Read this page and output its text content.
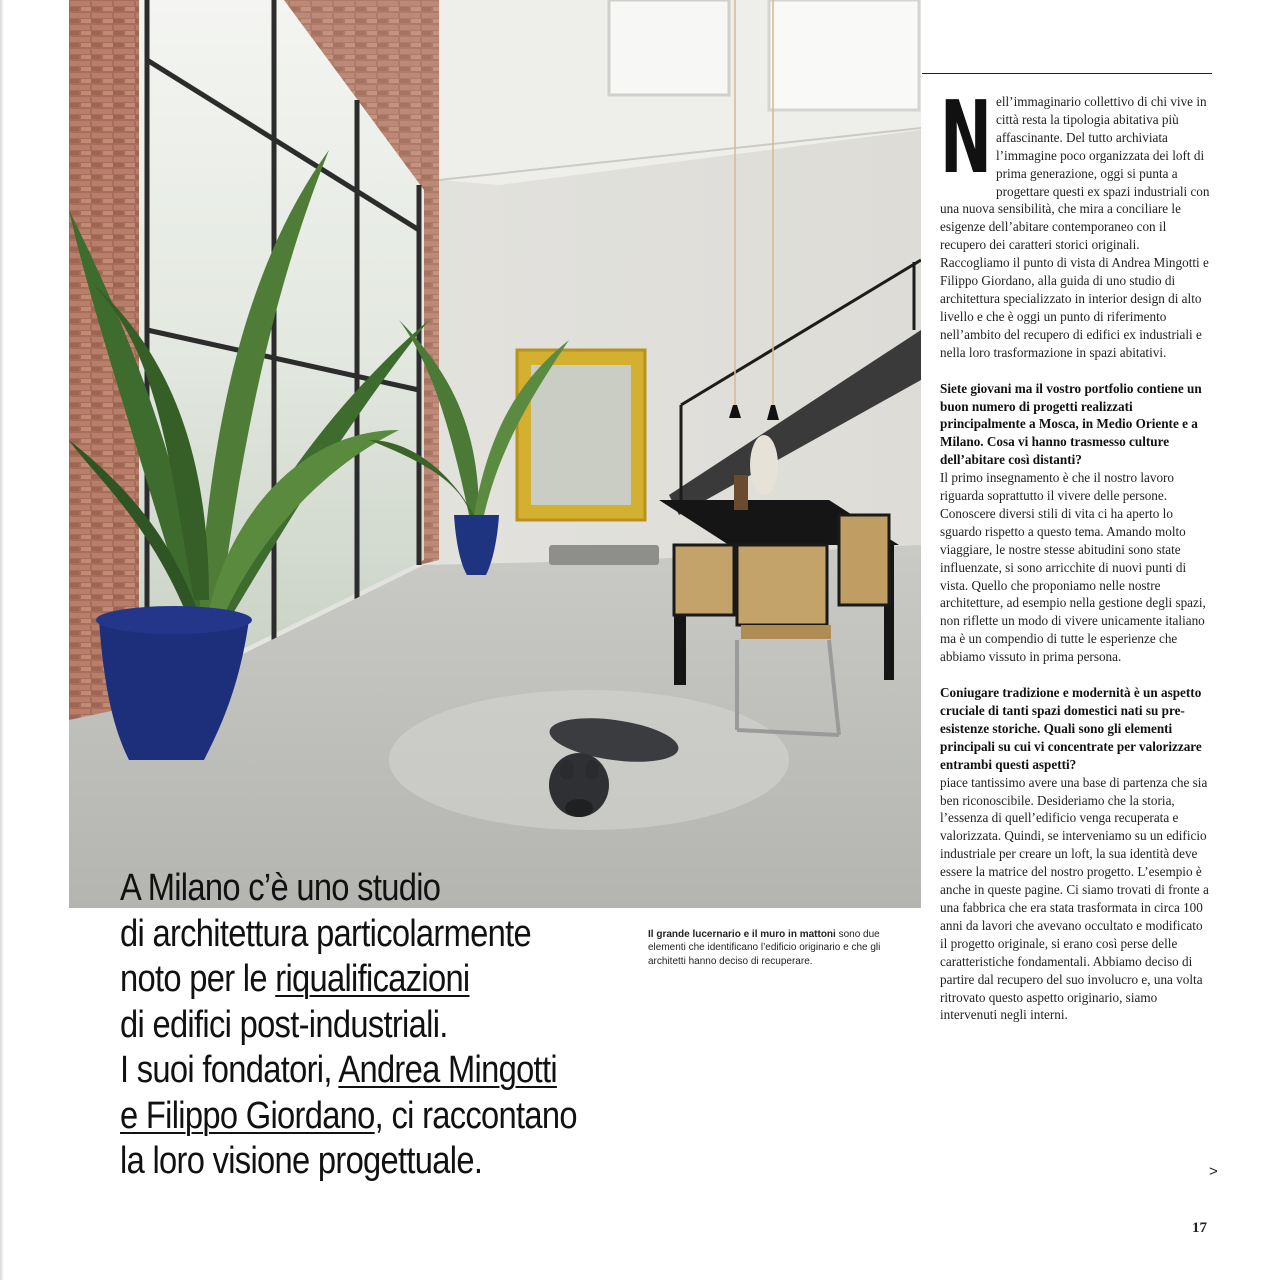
A Milano c’è uno studio
di architettura particolarmente
noto per le riqualificazioni
di edifici post-industriali.
I suoi fondatori, Andrea Mingotti
e Filippo Giordano, ci raccontano
la loro visione progettuale.
Il grande lucernario e il muro in mattoni sono due elementi che identificano l’edificio originario e che gli architetti hanno deciso di recuperare.
N ell’immaginario collettivo di chi vive in città resta la tipologia abitativa più affascinante. Del tutto archiviata l’immagine poco organizzata dei loft di prima generazione, oggi si punta a progettare questi ex spazi industriali con una nuova sensibilità, che mira a conciliare le esigenze dell’abitare contemporaneo con il recupero dei caratteri storici originali. Raccogliamo il punto di vista di Andrea Mingotti e Filippo Giordano, alla guida di uno studio di architettura specializzato in interior design di alto livello e che è oggi un punto di riferimento nell’ambito del recupero di edifici ex industriali e nella loro trasformazione in spazi abitativi.

Siete giovani ma il vostro portfolio contiene un buon numero di progetti realizzati principalmente a Mosca, in Medio Oriente e a Milano. Cosa vi hanno trasmesso culture dell’abitare così distanti?

Il primo insegnamento è che il nostro lavoro riguarda soprattutto il vivere delle persone. Conoscere diversi stili di vita ci ha aperto lo sguardo rispetto a questo tema. Amando molto viaggiare, le nostre stesse abitudini sono state influenzate, si sono arricchite di nuovi punti di vista. Quello che proponiamo nelle nostre architetture, ad esempio nella gestione degli spazi, non riflette un modo di vivere unicamente italiano ma è un compendio di tutte le esperienze che abbiamo vissuto in prima persona.

Coniugare tradizione e modernità è un aspetto cruciale di tanti spazi domestici nati su pre-esistenze storiche. Quali sono gli elementi principali su cui vi concentrate per valorizzare entrambi questi aspetti?

piace tantissimo avere una base di partenza che sia ben riconoscibile. Desideriamo che la storia, l’essenza di quell’edificio venga recuperata e valorizzata. Quindi, se interveniamo su un edificio industriale per creare un loft, la sua identità deve essere la matrice del nostro progetto. L’esempio è anche in queste pagine. Ci siamo trovati di fronte a una fabbrica che era stata trasformata in circa 100 anni da lavori che avevano occultato e modificato il progetto originale, si erano così perse delle caratteristiche fondamentali. Abbiamo deciso di partire dal recupero del suo involucro e, una volta ritrovato questo aspetto originario, siamo intervenuti negli interni.

>
17
